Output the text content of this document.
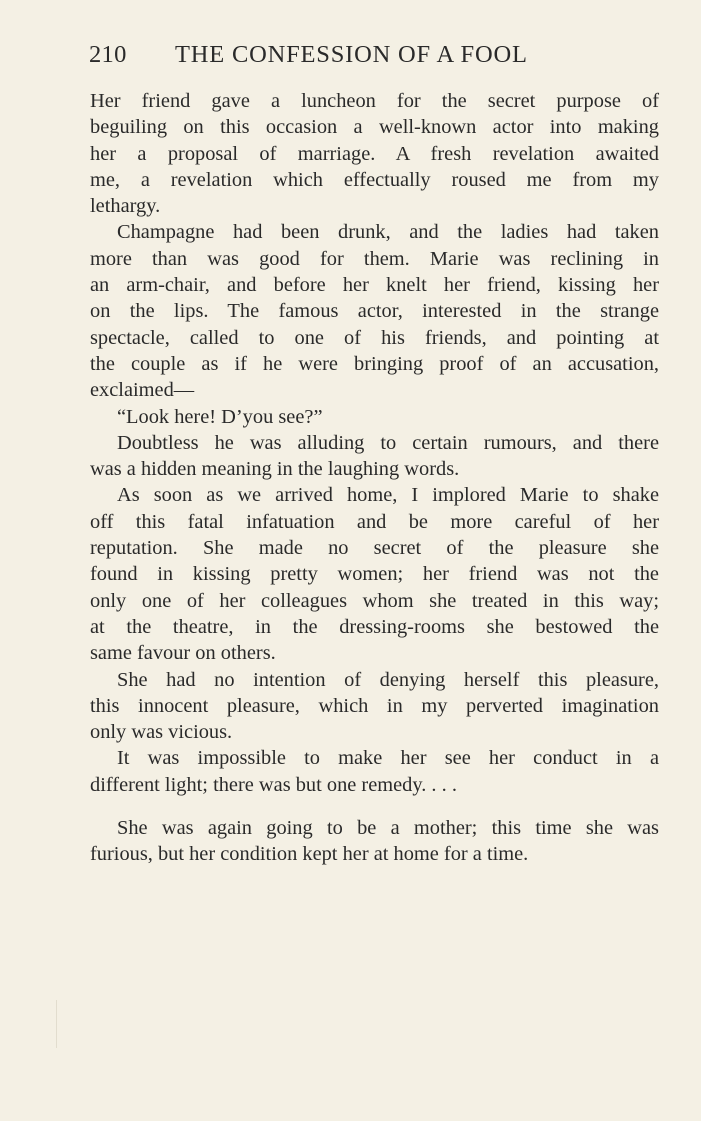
210 THE CONFESSION OF A FOOL
Her friend gave a luncheon for the secret purpose of
beguiling on this occasion a well-known actor into making
her a proposal of marriage. A fresh revelation awaited
me, a revelation which effectually roused me from my
lethargy.
Champagne had been drunk, and the ladies had taken
more than was good for them. Marie was reclining in
an arm-chair, and before her knelt her friend, kissing her
on the lips. The famous actor, interested in the strange
spectacle, called to one of his friends, and pointing at
the couple as if he were bringing proof of an accusation,
exclaimed—
“Look here! D’you see?”
Doubtless he was alluding to certain rumours, and there
was a hidden meaning in the laughing words.
As soon as we arrived home, I implored Marie to shake
off this fatal infatuation and be more careful of her
reputation. She made no secret of the pleasure she
found in kissing pretty women; her friend was not the
only one of her colleagues whom she treated in this way;
at the theatre, in the dressing-rooms she bestowed the
same favour on others.
She had no intention of denying herself this pleasure,
this innocent pleasure, which in my perverted imagination
only was vicious.
It was impossible to make her see her conduct in a
different light; there was but one remedy. . . .
She was again going to be a mother; this time she was
furious, but her condition kept her at home for a time.
